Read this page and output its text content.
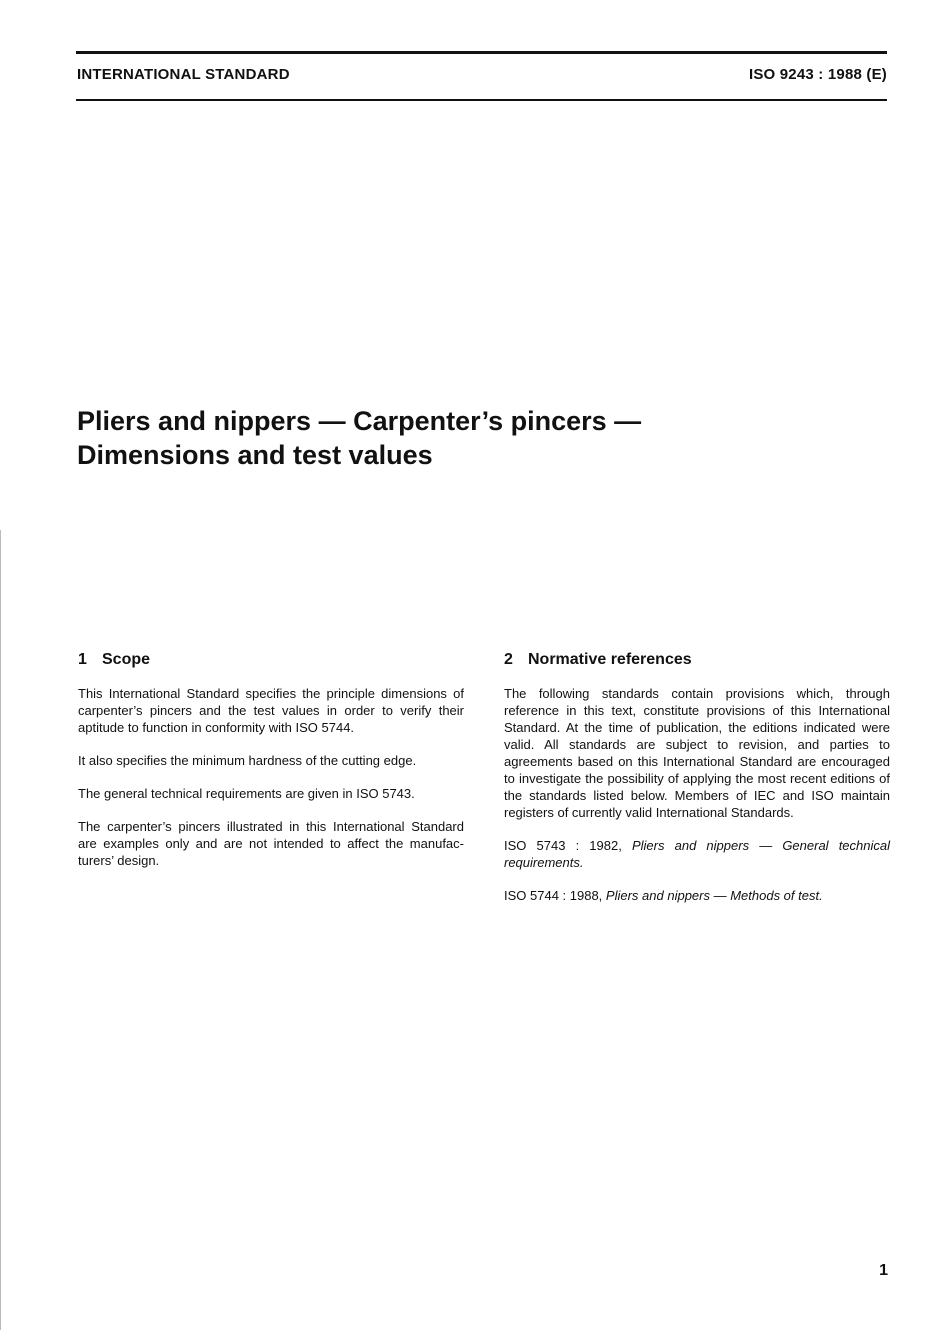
INTERNATIONAL STANDARD	ISO 9243 : 1988 (E)
Pliers and nippers — Carpenter’s pincers —
Dimensions and test values
1 Scope

This International Standard specifies the principle dimensions of carpenter’s pincers and the test values in order to verify their aptitude to function in conformity with ISO 5744.

It also specifies the minimum hardness of the cutting edge.

The general technical requirements are given in ISO 5743.

The carpenter’s pincers illustrated in this International Standard are examples only and are not intended to affect the manufac-turers’ design.

2 Normative references

The following standards contain provisions which, through reference in this text, constitute provisions of this International Standard. At the time of publication, the editions indicated were valid. All standards are subject to revision, and parties to agreements based on this International Standard are encouraged to investigate the possibility of applying the most recent editions of the standards listed below. Members of IEC and ISO maintain registers of currently valid International Standards.

ISO 5743 : 1982, Pliers and nippers — General technical requirements.

ISO 5744 : 1988, Pliers and nippers — Methods of test.

1
